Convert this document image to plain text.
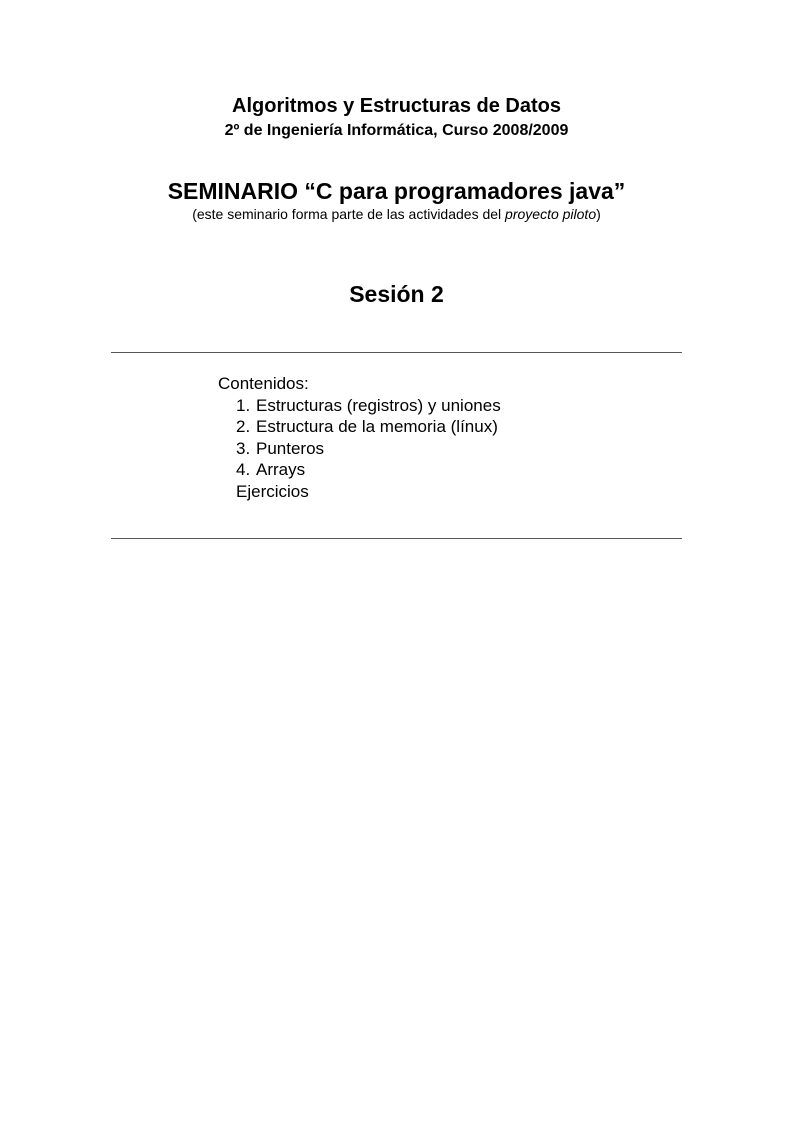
Algoritmos y Estructuras de Datos
2º de Ingeniería Informática, Curso 2008/2009
SEMINARIO “C para programadores java”
(este seminario forma parte de las actividades del proyecto piloto)
Sesión 2
Contenidos:
1. Estructuras (registros) y uniones
2. Estructura de la memoria (línux)
3. Punteros
4. Arrays
Ejercicios
